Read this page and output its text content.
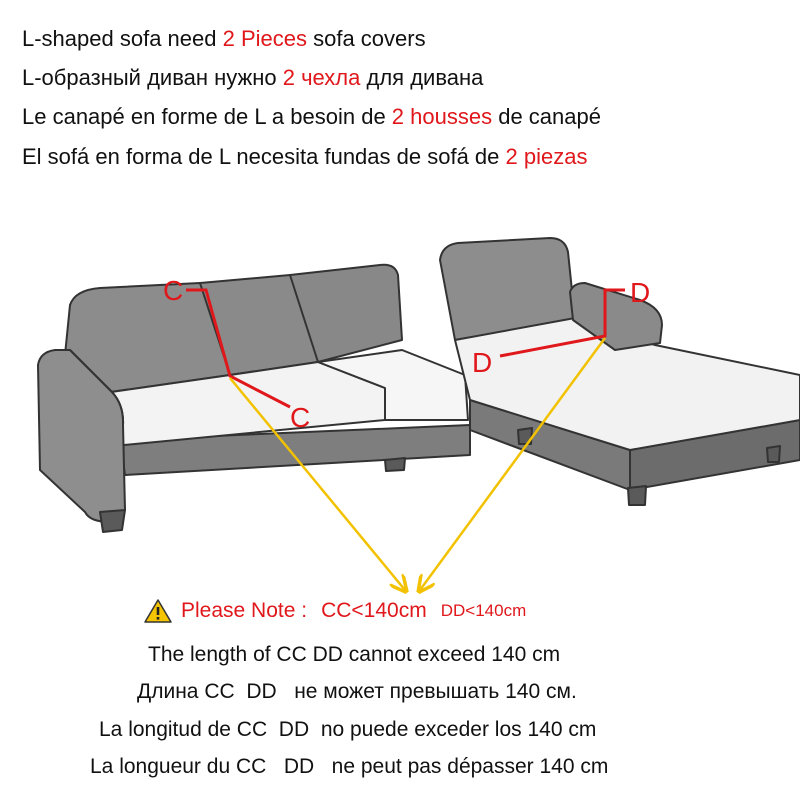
L-shaped sofa need 2 Pieces sofa covers
L-образный диван нужно 2 чехла для дивана
Le canapé en forme de L a besoin de 2 housses de canapé
El sofá en forma de L necesita fundas de sofá de 2 piezas
C
C
D
D
Please Note : CC<140cm DD<140cm
The length of CC DD cannot exceed 140 cm
Длина CC DD не может превышать 140 см.
La longitud de CC DD no puede exceder los 140 cm
La longueur du CC DD ne peut pas dépasser 140 cm
